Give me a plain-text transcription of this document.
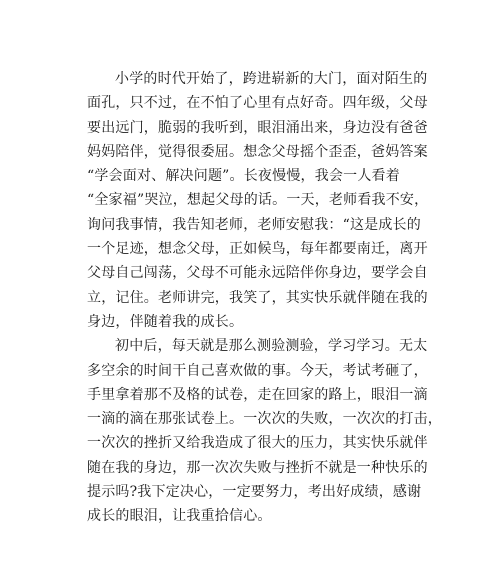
小学的时代开始了，跨进崭新的大门，面对陌生的
面孔，只不过，在不怕了心里有点好奇。四年级，父母
要出远门，脆弱的我听到，眼泪涌出来，身边没有爸爸
妈妈陪伴，觉得很委屈。想念父母摇个歪歪，爸妈答案
“学会面对、解决问题”。长夜慢慢，我会一人看着
“全家福”哭泣，想起父母的话。一天，老师看我不安，
询问我事情，我告知老师，老师安慰我：“这是成长的
一个足迹，想念父母，正如候鸟，每年都要南迁，离开
父母自己闯荡，父母不可能永远陪伴你身边，要学会自
立，记住。老师讲完，我笑了，其实快乐就伴随在我的
身边，伴随着我的成长。
初中后，每天就是那么测验测验，学习学习。无太
多空余的时间干自己喜欢做的事。今天，考试考砸了，
手里拿着那不及格的试卷，走在回家的路上，眼泪一滴
一滴的滴在那张试卷上。一次次的失败，一次次的打击，
一次次的挫折又给我造成了很大的压力，其实快乐就伴
随在我的身边，那一次次失败与挫折不就是一种快乐的
提示吗?我下定决心，一定要努力，考出好成绩，感谢
成长的眼泪，让我重拾信心。
